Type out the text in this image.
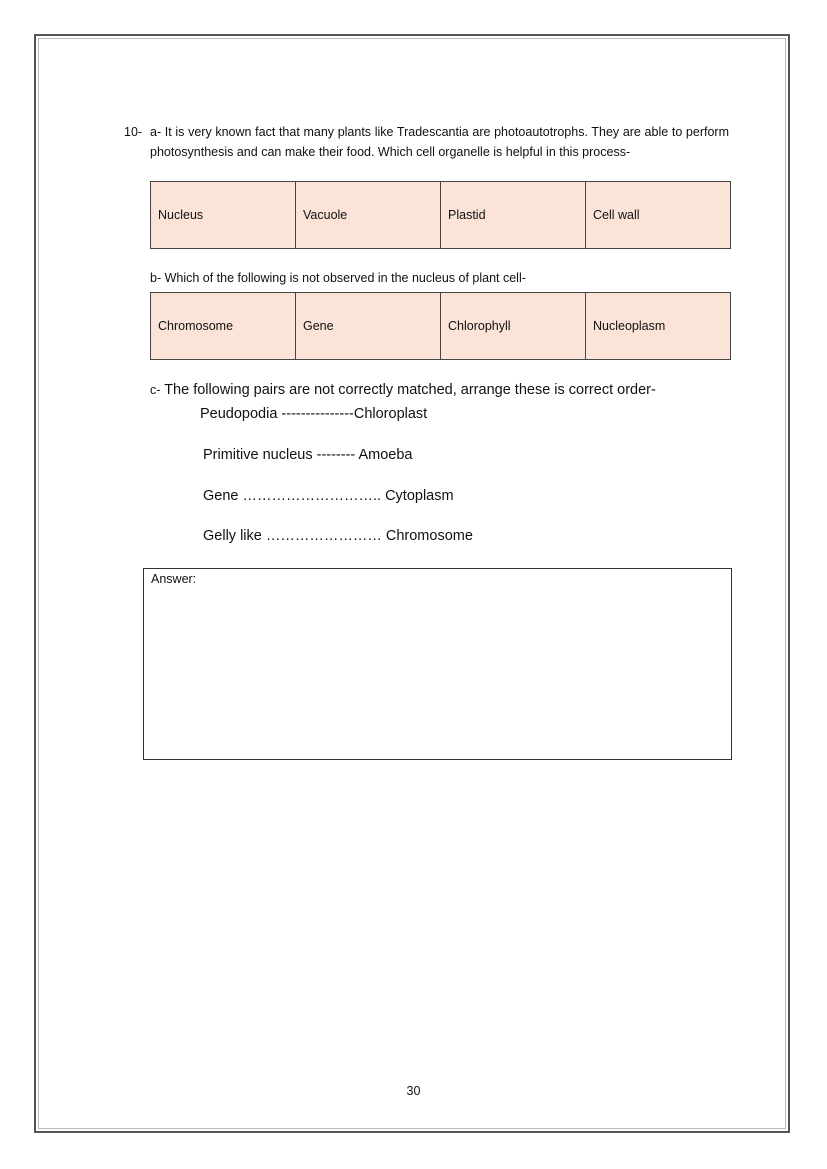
10- a- It is very known fact that many plants like Tradescantia are photoautotrophs. They are able to perform photosynthesis and can make their food. Which cell organelle is helpful in this process-
Nucleus	Vacuole	Plastid	Cell wall
b- Which of the following is not observed in the nucleus of plant cell-
Chromosome	Gene	Chlorophyll	Nucleoplasm
c- The following pairs are not correctly matched, arrange these is correct order-
Peudopodia ---------------Chloroplast
Primitive nucleus -------- Amoeba
Gene ……………………….. Cytoplasm
Gelly like …………………… Chromosome
Answer:
30
